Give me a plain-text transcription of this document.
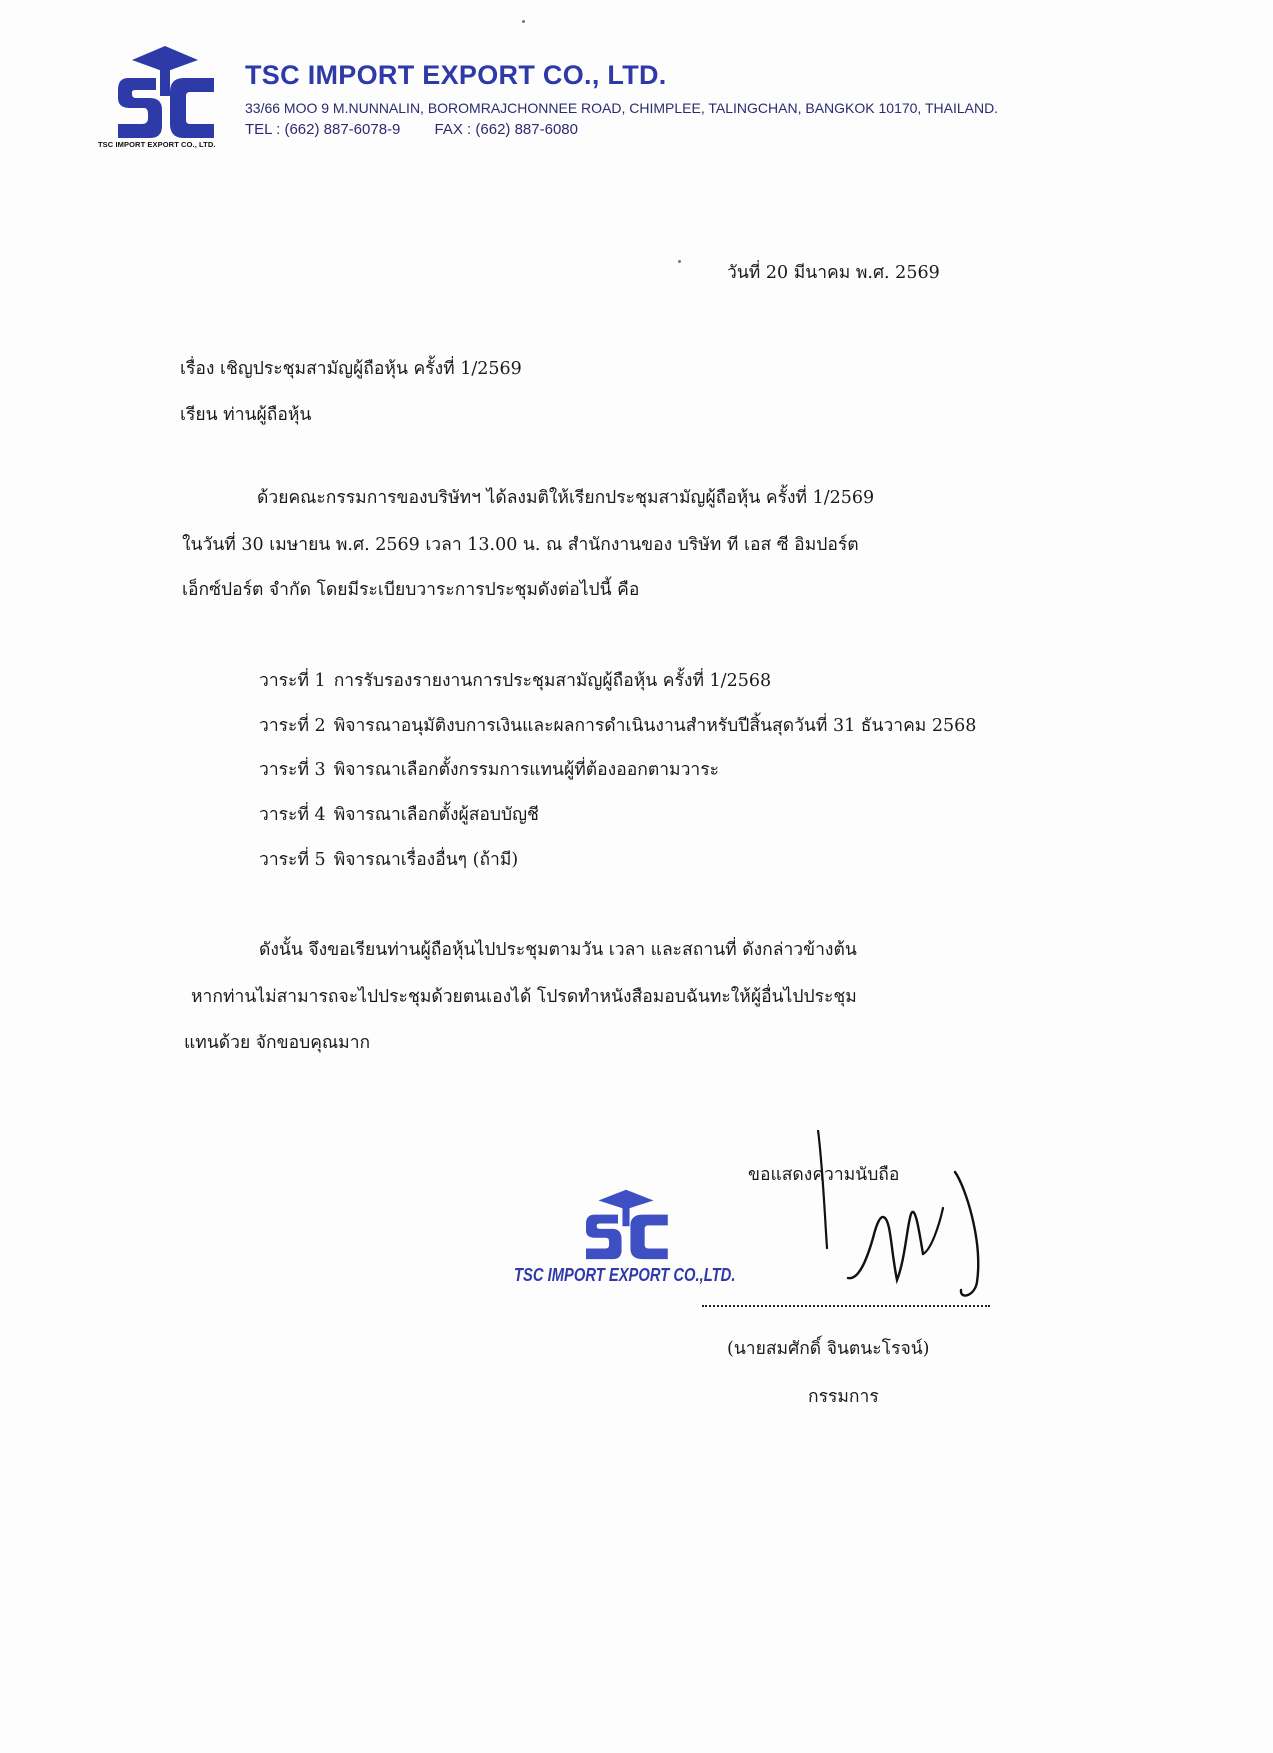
TSC IMPORT EXPORT CO., LTD.
TSC IMPORT EXPORT CO., LTD.
33/66 MOO 9 M.NUNNALIN, BOROMRAJCHONNEE ROAD, CHIMPLEE, TALINGCHAN, BANGKOK 10170, THAILAND.
TEL : (662) 887-6078-9 FAX : (662) 887-6080
วันที่ 20 มีนาคม พ.ศ. 2569
เรื่อง เชิญประชุมสามัญผู้ถือหุ้น ครั้งที่ 1/2569
เรียน ท่านผู้ถือหุ้น
ด้วยคณะกรรมการของบริษัทฯ ได้ลงมติให้เรียกประชุมสามัญผู้ถือหุ้น ครั้งที่ 1/2569
ในวันที่ 30 เมษายน พ.ศ. 2569 เวลา 13.00 น. ณ สำนักงานของ บริษัท ที เอส ซี อิมปอร์ต
เอ็กซ์ปอร์ต จำกัด โดยมีระเบียบวาระการประชุมดังต่อไปนี้ คือ
วาระที่ 1 การรับรองรายงานการประชุมสามัญผู้ถือหุ้น ครั้งที่ 1/2568
วาระที่ 2 พิจารณาอนุมัติงบการเงินและผลการดำเนินงานสำหรับปีสิ้นสุดวันที่ 31 ธันวาคม 2568
วาระที่ 3 พิจารณาเลือกตั้งกรรมการแทนผู้ที่ต้องออกตามวาระ
วาระที่ 4 พิจารณาเลือกตั้งผู้สอบบัญชี
วาระที่ 5 พิจารณาเรื่องอื่นๆ (ถ้ามี)
ดังนั้น จึงขอเรียนท่านผู้ถือหุ้นไปประชุมตามวัน เวลา และสถานที่ ดังกล่าวข้างต้น
หากท่านไม่สามารถจะไปประชุมด้วยตนเองได้ โปรดทำหนังสือมอบฉันทะให้ผู้อื่นไปประชุม
แทนด้วย จักขอบคุณมาก
ขอแสดงความนับถือ
TSC IMPORT EXPORT CO.,LTD.
(นายสมศักดิ์ จินตนะโรจน์)
กรรมการ
